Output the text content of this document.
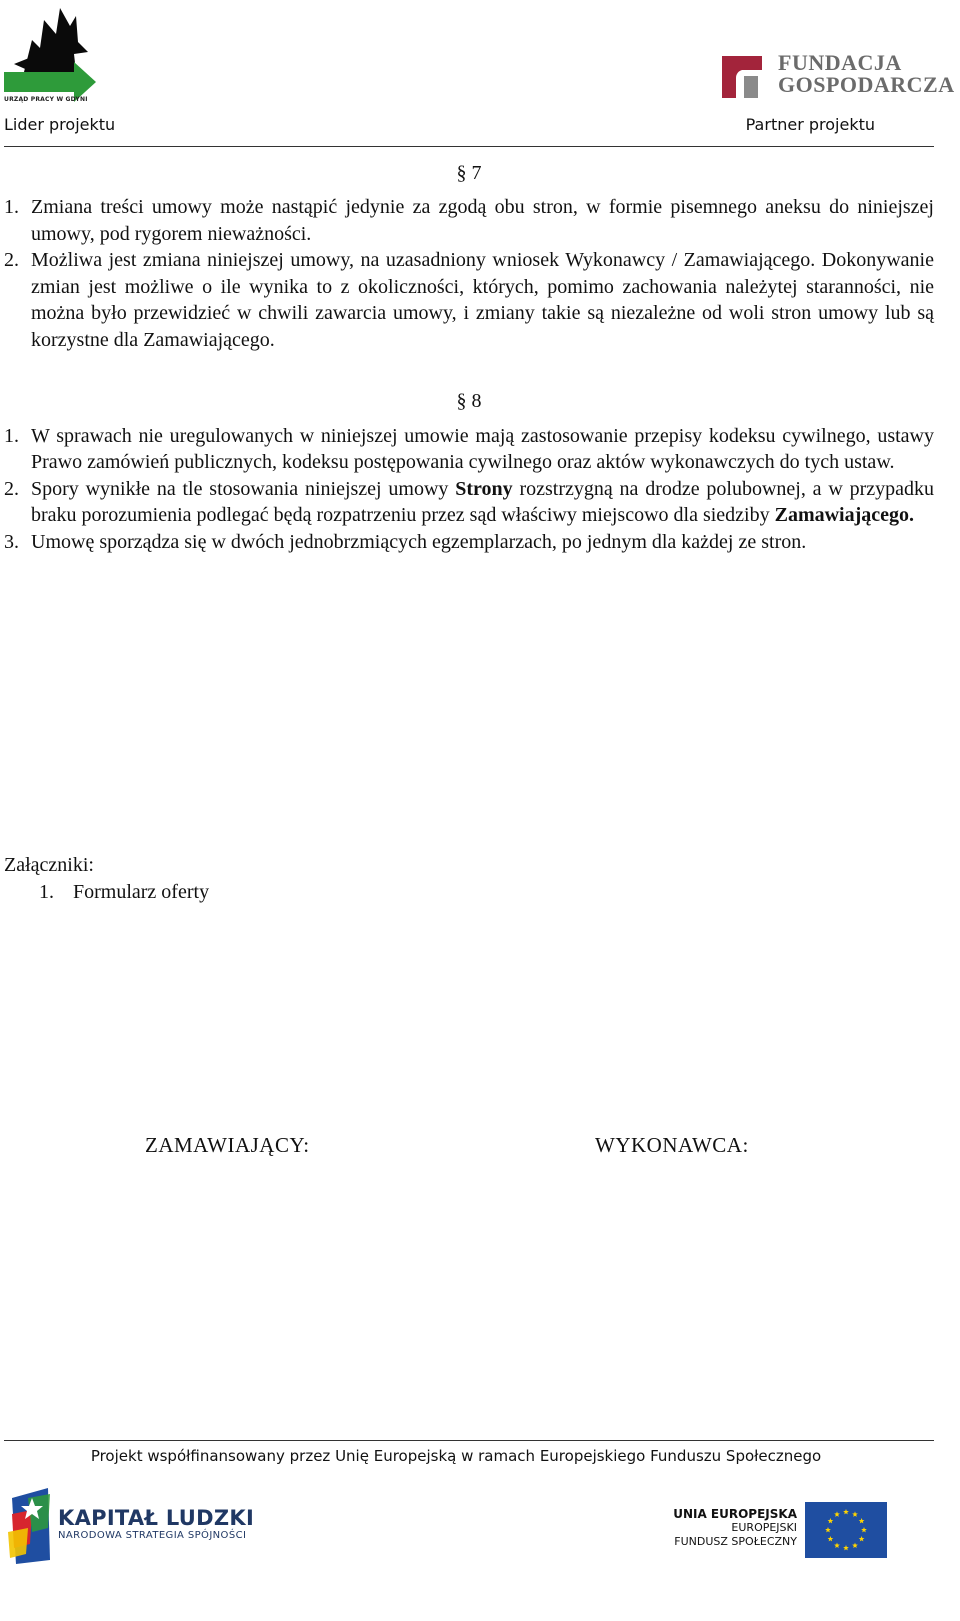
URZĄD PRACY W GDYNI
Lider projektu
FUNDACJA
GOSPODARCZA
Partner projektu
§ 7
1. Zmiana treści umowy może nastąpić jedynie za zgodą obu stron, w formie pisemnego aneksu do niniejszej umowy, pod rygorem nieważności.
2. Możliwa jest zmiana niniejszej umowy, na uzasadniony wniosek Wykonawcy / Zamawiającego. Dokonywanie zmian jest możliwe o ile wynika to z okoliczności, których, pomimo zachowania należytej staranności, nie można było przewidzieć w chwili zawarcia umowy, i zmiany takie są niezależne od woli stron umowy lub są korzystne dla Zamawiającego.
§ 8
1. W sprawach nie uregulowanych w niniejszej umowie mają zastosowanie przepisy kodeksu cywilnego, ustawy Prawo zamówień publicznych, kodeksu postępowania cywilnego oraz aktów wykonawczych do tych ustaw.
2. Spory wynikłe na tle stosowania niniejszej umowy Strony rozstrzygną na drodze polubownej, a w przypadku braku porozumienia podlegać będą rozpatrzeniu przez sąd właściwy miejscowo dla siedziby Zamawiającego.
3. Umowę sporządza się w dwóch jednobrzmiących egzemplarzach, po jednym dla każdej ze stron.
Załączniki:
1. Formularz oferty
ZAMAWIAJĄCY:	WYKONAWCA:
Projekt współfinansowany przez Unię Europejską w ramach Europejskiego Funduszu Społecznego
KAPITAŁ LUDZKI
NARODOWA STRATEGIA SPÓJNOŚCI
UNIA EUROPEJSKA
EUROPEJSKI
FUNDUSZ SPOŁECZNY
